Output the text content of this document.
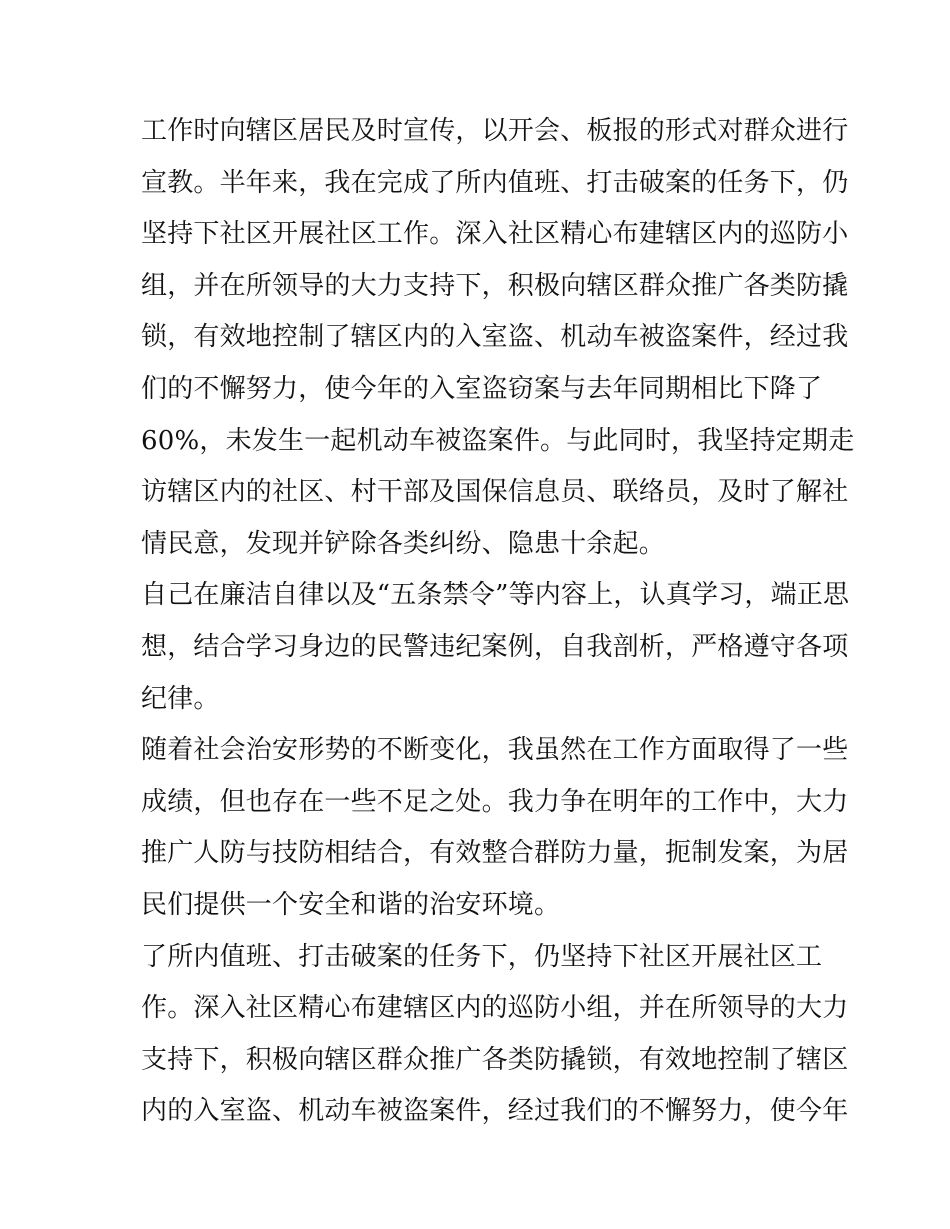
工作时向辖区居民及时宣传，以开会、板报的形式对群众进行
宣教。半年来，我在完成了所内值班、打击破案的任务下，仍
坚持下社区开展社区工作。深入社区精心布建辖区内的巡防小
组，并在所领导的大力支持下，积极向辖区群众推广各类防撬
锁，有效地控制了辖区内的入室盗、机动车被盗案件，经过我
们的不懈努力，使今年的入室盗窃案与去年同期相比下降了
60%，未发生一起机动车被盗案件。与此同时，我坚持定期走
访辖区内的社区、村干部及国保信息员、联络员，及时了解社
情民意，发现并铲除各类纠纷、隐患十余起。
自己在廉洁自律以及“五条禁令”等内容上，认真学习，端正思
想，结合学习身边的民警违纪案例，自我剖析，严格遵守各项
纪律。
随着社会治安形势的不断变化，我虽然在工作方面取得了一些
成绩，但也存在一些不足之处。我力争在明年的工作中，大力
推广人防与技防相结合，有效整合群防力量，扼制发案，为居
民们提供一个安全和谐的治安环境。
了所内值班、打击破案的任务下，仍坚持下社区开展社区工
作。深入社区精心布建辖区内的巡防小组，并在所领导的大力
支持下，积极向辖区群众推广各类防撬锁，有效地控制了辖区
内的入室盗、机动车被盗案件，经过我们的不懈努力，使今年
